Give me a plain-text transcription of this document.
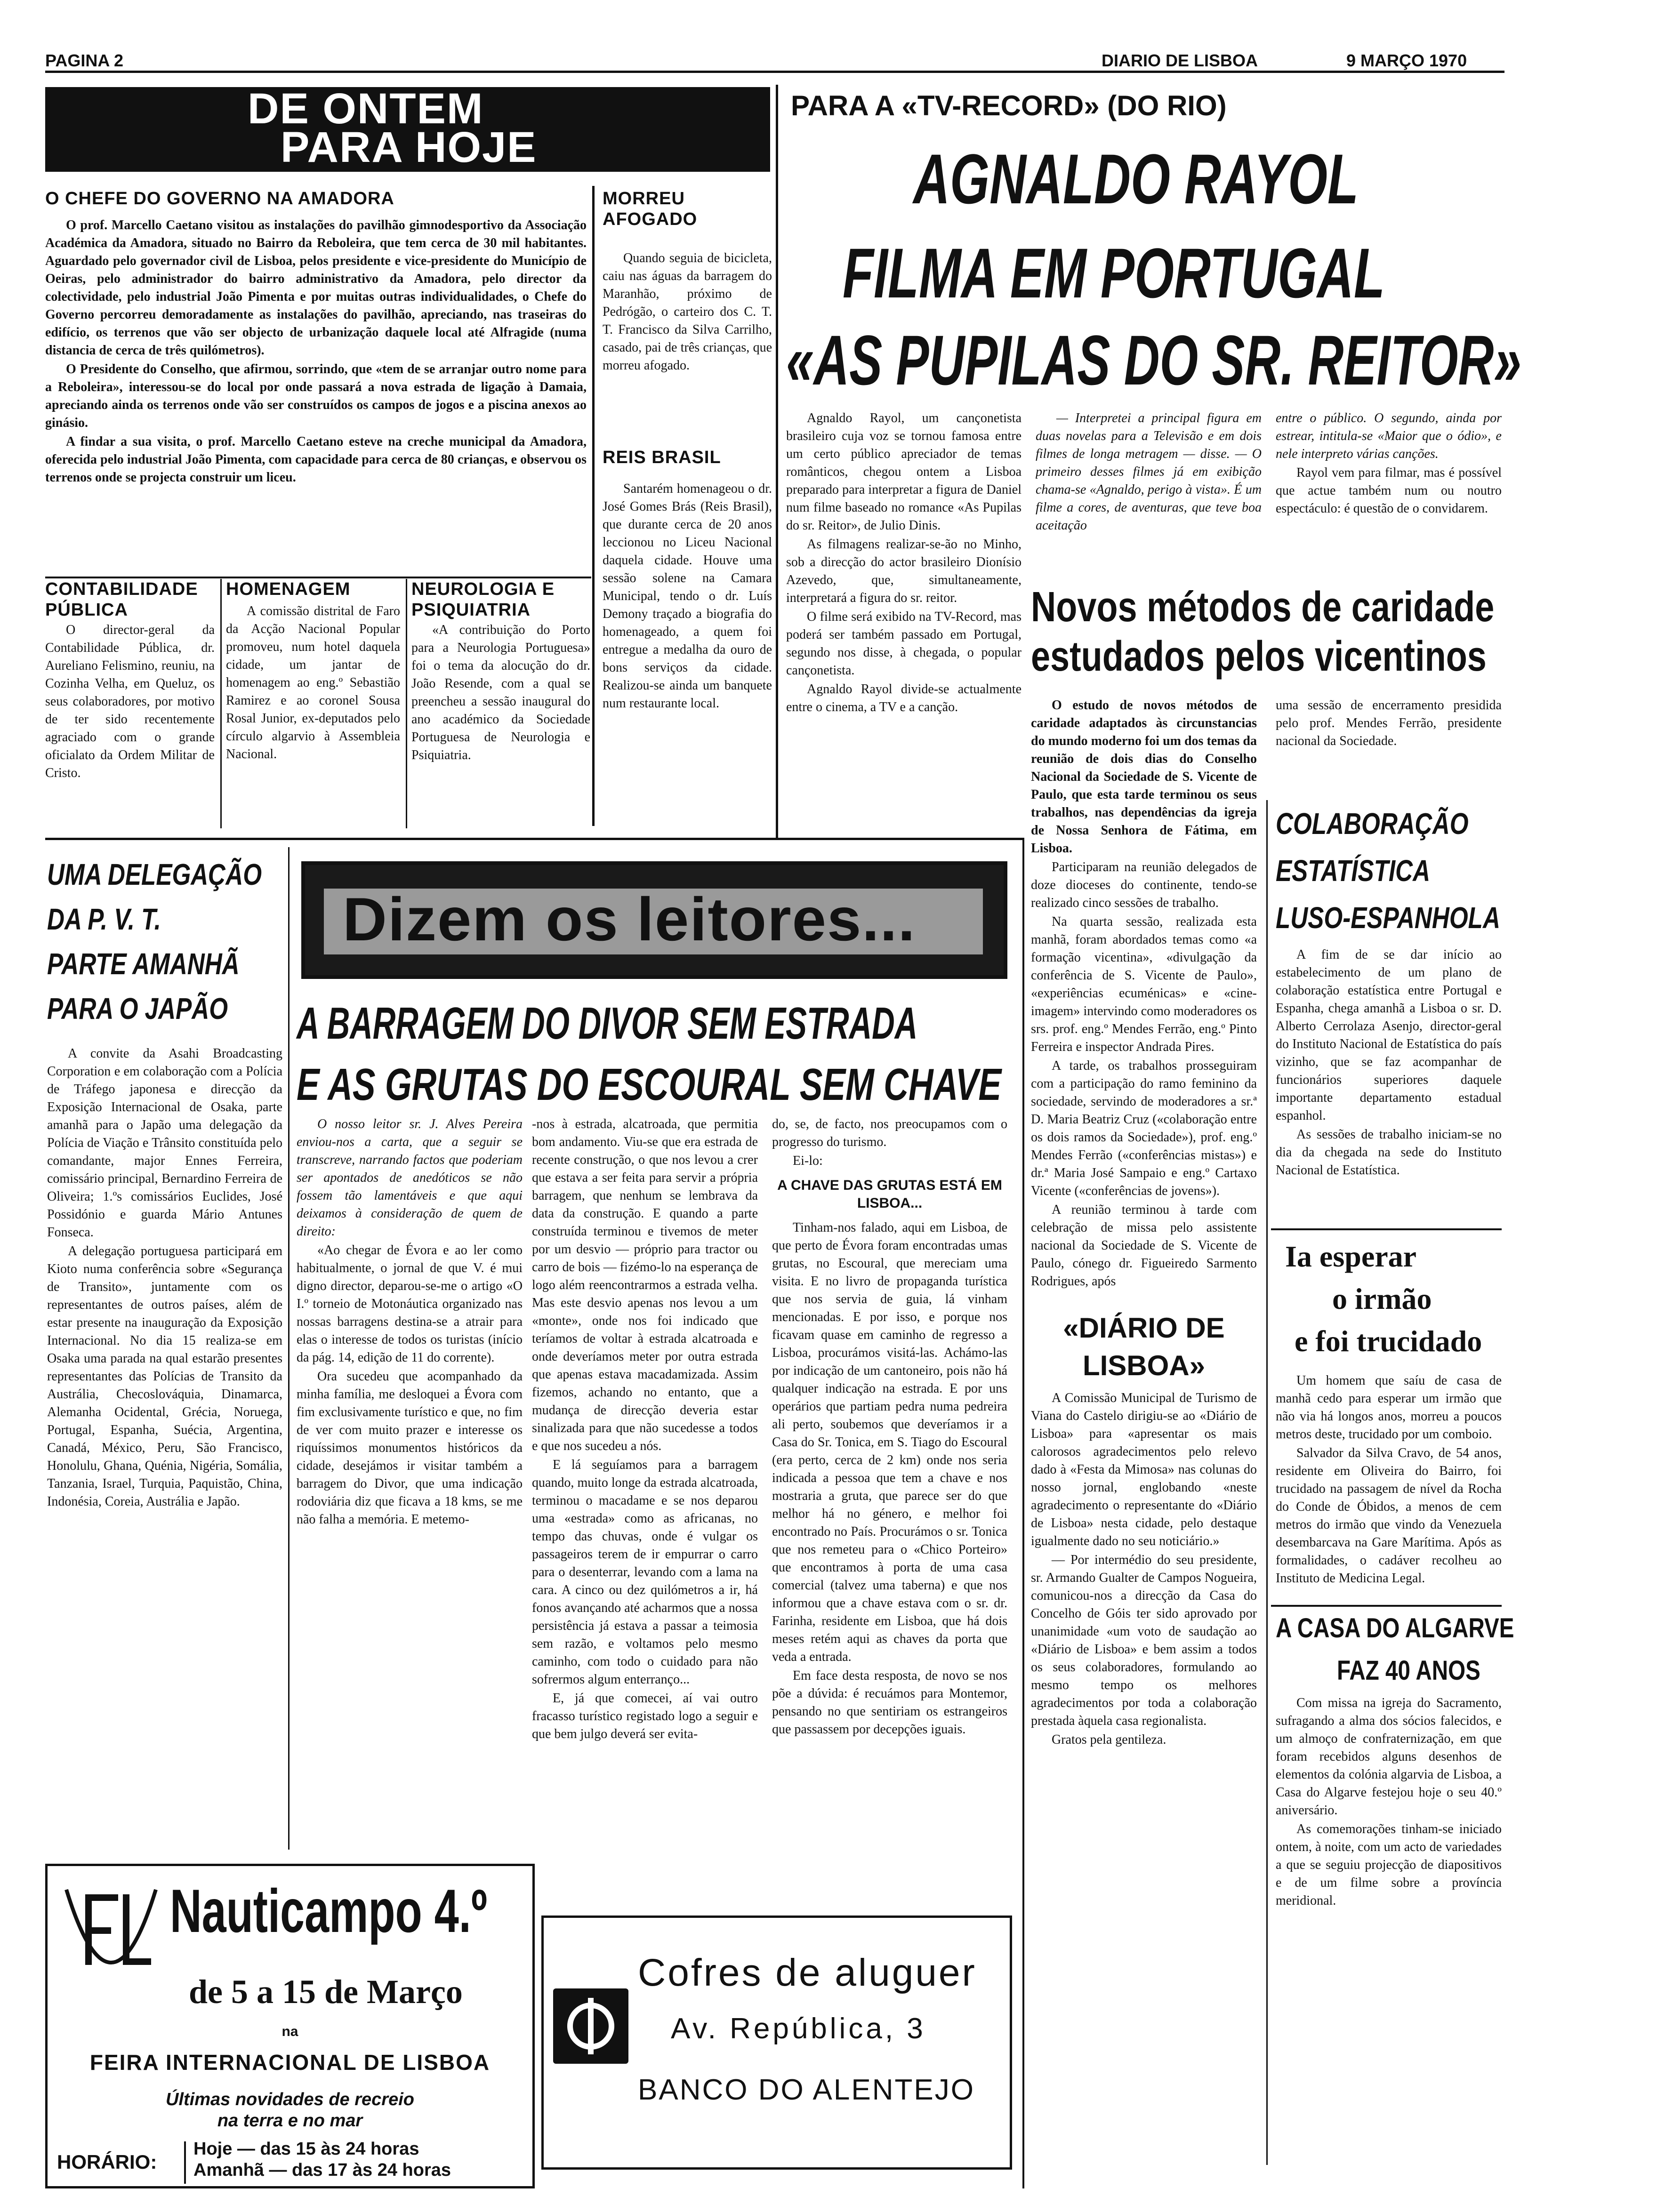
PAGINA 2	DIARIO DE LISBOA	9 MARÇO 1970
DE ONTEM
PARA HOJE
O CHEFE DO GOVERNO NA AMADORA

O prof. Marcello Caetano visitou as instalações do pavilhão gimnodesportivo da Associação Académica da Amadora, situado no Bairro da Reboleira, que tem cerca de 30 mil habitantes. Aguardado pelo governador civil de Lisboa, pelos presidente e vice-presidente do Município de Oeiras, pelo administrador do bairro administrativo da Amadora, pelo director da colectividade, pelo industrial João Pimenta e por muitas outras individualidades, o Chefe do Governo percorreu demoradamente as instalações do pavilhão, apreciando, nas traseiras do edifício, os terrenos que vão ser objecto de urbanização daquele local até Alfragide (numa distancia de cerca de três quilómetros).

O Presidente do Conselho, que afirmou, sorrindo, que «tem de se arranjar outro nome para a Reboleira», interessou-se do local por onde passará a nova estrada de ligação à Damaia, apreciando ainda os terrenos onde vão ser construídos os campos de jogos e a piscina anexos ao ginásio.

A findar a sua visita, o prof. Marcello Caetano esteve na creche municipal da Amadora, oferecida pelo industrial João Pimenta, com capacidade para cerca de 80 crianças, e observou os terrenos onde se projecta construir um liceu.

MORREU AFOGADO

Quando seguia de bicicleta, caiu nas águas da barragem do Maranhão, próximo de Pedrógão, o carteiro dos C. T. T. Francisco da Silva Carrilho, casado, pai de três crianças, que morreu afogado.

REIS BRASIL

Santarém homenageou o dr. José Gomes Brás (Reis Brasil), que durante cerca de 20 anos leccionou no Liceu Nacional daquela cidade. Houve uma sessão solene na Camara Municipal, tendo o dr. Luís Demony traçado a biografia do homenageado, a quem foi entregue a medalha da ouro de bons serviços da cidade. Realizou-se ainda um banquete num restaurante local.

CONTABILIDADE PÚBLICA

O director-geral da Contabilidade Pública, dr. Aureliano Felismino, reuniu, na Cozinha Velha, em Queluz, os seus colaboradores, por motivo de ter sido recentemente agraciado com o grande oficialato da Ordem Militar de Cristo.

HOMENAGEM

A comissão distrital de Faro da Acção Nacional Popular promoveu, num hotel daquela cidade, um jantar de homenagem ao eng.º Sebastião Ramirez e ao coronel Sousa Rosal Junior, ex-deputados pelo círculo algarvio à Assembleia Nacional.

NEUROLOGIA E PSIQUIATRIA

«A contribuição do Porto para a Neurologia Portuguesa» foi o tema da alocução do dr. João Resende, com a qual se preencheu a sessão inaugural do ano académico da Sociedade Portuguesa de Neurologia e Psiquiatria.

PARA A «TV-RECORD» (DO RIO)
AGNALDO RAYOL
FILMA EM PORTUGAL
«AS PUPILAS DO SR. REITOR»

Agnaldo Rayol, um cançonetista brasileiro cuja voz se tornou famosa entre um certo público apreciador de temas românticos, chegou ontem a Lisboa preparado para interpretar a figura de Daniel num filme baseado no romance «As Pupilas do sr. Reitor», de Julio Dinis.

As filmagens realizar-se-ão no Minho, sob a direcção do actor brasileiro Dionísio Azevedo, que, simultaneamente, interpretará a figura do sr. reitor.

O filme será exibido na TV-Record, mas poderá ser também passado em Portugal, segundo nos disse, à chegada, o popular cançonetista.

Agnaldo Rayol divide-se actualmente entre o cinema, a TV e a canção.

— Interpretei a principal figura em duas novelas para a Televisão e em dois filmes de longa metragem — disse. — O primeiro desses filmes já em exibição chama-se «Agnaldo, perigo à vista». É um filme a cores, de aventuras, que teve boa aceitação

entre o público. O segundo, ainda por estrear, intitula-se «Maior que o ódio», e nele interpreto várias canções.

Rayol vem para filmar, mas é possível que actue também num ou noutro espectáculo: é questão de o convidarem.

Novos métodos de caridade
estudados pelos vicentinos

O estudo de novos métodos de caridade adaptados às circunstancias do mundo moderno foi um dos temas da reunião de dois dias do Conselho Nacional da Sociedade de S. Vicente de Paulo, que esta tarde terminou os seus trabalhos, nas dependências da igreja de Nossa Senhora de Fátima, em Lisboa.

Participaram na reunião delegados de doze dioceses do continente, tendo-se realizado cinco sessões de trabalho.

Na quarta sessão, realizada esta manhã, foram abordados temas como «a formação vicentina», «divulgação da conferência de S. Vicente de Paulo», «experiências ecuménicas» e «cine-imagem» intervindo como moderadores os srs. prof. eng.º Mendes Ferrão, eng.º Pinto Ferreira e inspector Andrada Pires.

A tarde, os trabalhos prosseguiram com a participação do ramo feminino da sociedade, servindo de moderadores a sr.ª D. Maria Beatriz Cruz («colaboração entre os dois ramos da Sociedade»), prof. eng.º Mendes Ferrão («conferências mistas») e dr.ª Maria José Sampaio e eng.º Cartaxo Vicente («conferências de jovens»).

A reunião terminou à tarde com celebração de missa pelo assistente nacional da Sociedade de S. Vicente de Paulo, cónego dr. Figueiredo Sarmento Rodrigues, após

«DIÁRIO DE LISBOA»

A Comissão Municipal de Turismo de Viana do Castelo dirigiu-se ao «Diário de Lisboa» para «apresentar os mais calorosos agradecimentos pelo relevo dado à «Festa da Mimosa» nas colunas do nosso jornal, englobando «neste agradecimento o representante do «Diário de Lisboa» nesta cidade, pelo destaque igualmente dado no seu noticiário.»

— Por intermédio do seu presidente, sr. Armando Gualter de Campos Nogueira, comunicou-nos a direcção da Casa do Concelho de Góis ter sido aprovado por unanimidade «um voto de saudação ao «Diário de Lisboa» e bem assim a todos os seus colaboradores, formulando ao mesmo tempo os melhores agradecimentos por toda a colaboração prestada àquela casa regionalista.

Gratos pela gentileza.

uma sessão de encerramento presidida pelo prof. Mendes Ferrão, presidente nacional da Sociedade.

COLABORAÇÃO
ESTATÍSTICA
LUSO-ESPANHOLA

A fim de se dar início ao estabelecimento de um plano de colaboração estatística entre Portugal e Espanha, chega amanhã a Lisboa o sr. D. Alberto Cerrolaza Asenjo, director-geral do Instituto Nacional de Estatística do país vizinho, que se faz acompanhar de funcionários superiores daquele importante departamento estadual espanhol.

As sessões de trabalho iniciam-se no dia da chegada na sede do Instituto Nacional de Estatística.

Ia esperar
o irmão
e foi trucidado

Um homem que saíu de casa de manhã cedo para esperar um irmão que não via há longos anos, morreu a poucos metros deste, trucidado por um comboio.

Salvador da Silva Cravo, de 54 anos, residente em Oliveira do Bairro, foi trucidado na passagem de nível da Rocha do Conde de Óbidos, a menos de cem metros do irmão que vindo da Venezuela desembarcava na Gare Marítima. Após as formalidades, o cadáver recolheu ao Instituto de Medicina Legal.

A CASA DO ALGARVE
FAZ 40 ANOS

Com missa na igreja do Sacramento, sufragando a alma dos sócios falecidos, e um almoço de confraternização, em que foram recebidos alguns desenhos de elementos da colónia algarvia de Lisboa, a Casa do Algarve festejou hoje o seu 40.º aniversário.

As comemorações tinham-se iniciado ontem, à noite, com um acto de variedades a que se seguiu projecção de diapositivos e de um filme sobre a província meridional.

UMA DELEGAÇÃO
DA P. V. T.
PARTE AMANHÃ
PARA O JAPÃO

A convite da Asahi Broadcasting Corporation e em colaboração com a Polícia de Tráfego japonesa e direcção da Exposição Internacional de Osaka, parte amanhã para o Japão uma delegação da Polícia de Viação e Trânsito constituída pelo comandante, major Ennes Ferreira, comissário principal, Bernardino Ferreira de Oliveira; 1.ºs comissários Euclides, José Possidónio e guarda Mário Antunes Fonseca.

A delegação portuguesa participará em Kioto numa conferência sobre «Segurança de Transito», juntamente com os representantes de outros países, além de estar presente na inauguração da Exposição Internacional. No dia 15 realiza-se em Osaka uma parada na qual estarão presentes representantes das Polícias de Transito da Austrália, Checoslováquia, Dinamarca, Alemanha Ocidental, Grécia, Noruega, Portugal, Espanha, Suécia, Argentina, Canadá, México, Peru, São Francisco, Honolulu, Ghana, Quénia, Nigéria, Somália, Tanzania, Israel, Turquia, Paquistão, China, Indonésia, Coreia, Austrália e Japão.

Dizem os leitores...
A BARRAGEM DO DIVOR SEM ESTRADA
E AS GRUTAS DO ESCOURAL SEM CHAVE

O nosso leitor sr. J. Alves Pereira enviou-nos a carta, que a seguir se transcreve, narrando factos que poderiam ser apontados de anedóticos se não fossem tão lamentáveis e que aqui deixamos à consideração de quem de direito:

«Ao chegar de Évora e ao ler como habitualmente, o jornal de que V. é mui digno director, deparou-se-me o artigo «O I.º torneio de Motonáutica organizado nas nossas barragens destina-se a atrair para elas o interesse de todos os turistas (início da pág. 14, edição de 11 do corrente).

Ora sucedeu que acompanhado da minha família, me desloquei a Évora com fim exclusivamente turístico e que, no fim de ver com muito prazer e interesse os riquíssimos monumentos históricos da cidade, desejámos ir visitar também a barragem do Divor, que uma indicação rodoviária diz que ficava a 18 kms, se me não falha a memória. E metemo-

-nos à estrada, alcatroada, que permitia bom andamento. Viu-se que era estrada de recente construção, o que nos levou a crer que estava a ser feita para servir a própria barragem, que nenhum se lembrava da data da construção. E quando a parte construída terminou e tivemos de meter por um desvio — próprio para tractor ou carro de bois — fizémo-lo na esperança de logo além reencontrarmos a estrada velha. Mas este desvio apenas nos levou a um «monte», onde nos foi indicado que teríamos de voltar à estrada alcatroada e onde deveríamos meter por outra estrada que apenas estava macadamizada. Assim fizemos, achando no entanto, que a mudança de direcção deveria estar sinalizada para que não sucedesse a todos e que nos sucedeu a nós.

E lá seguíamos para a barragem quando, muito longe da estrada alcatroada, terminou o macadame e se nos deparou uma «estrada» como as africanas, no tempo das chuvas, onde é vulgar os passageiros terem de ir empurrar o carro para o desenterrar, levando com a lama na cara. A cinco ou dez quilómetros a ir, há fonos avançando até acharmos que a nossa persistência já estava a passar a teimosia sem razão, e voltamos pelo mesmo caminho, com todo o cuidado para não sofrermos algum enterranço...

E, já que comecei, aí vai outro fracasso turístico registado logo a seguir e que bem julgo deverá ser evita-

do, se, de facto, nos preocupamos com o progresso do turismo.

Ei-lo:

A CHAVE DAS GRUTAS ESTÁ EM LISBOA...

Tinham-nos falado, aqui em Lisboa, de que perto de Évora foram encontradas umas grutas, no Escoural, que mereciam uma visita. E no livro de propaganda turística que nos servia de guia, lá vinham mencionadas. E por isso, e porque nos ficavam quase em caminho de regresso a Lisboa, procurámos visitá-las. Achámo-las por indicação de um cantoneiro, pois não há qualquer indicação na estrada. E por uns operários que partiam pedra numa pedreira ali perto, soubemos que deveríamos ir a Casa do Sr. Tonica, em S. Tiago do Escoural (era perto, cerca de 2 km) onde nos seria indicada a pessoa que tem a chave e nos mostraria a gruta, que parece ser do que melhor há no género, e melhor foi encontrado no País. Procurámos o sr. Tonica que nos remeteu para o «Chico Porteiro» que encontramos à porta de uma casa comercial (talvez uma taberna) e que nos informou que a chave estava com o sr. dr. Farinha, residente em Lisboa, que há dois meses retém aqui as chaves da porta que veda a entrada.

Em face desta resposta, de novo se nos põe a dúvida: é recuámos para Montemor, pensando no que sentiriam os estrangeiros que passassem por decepções iguais.

Nauticampo 4.º
de 5 a 15 de Março
na
FEIRA INTERNACIONAL DE LISBOA
Últimas novidades de recreio
na terra e no mar
HORÁRIO:
Hoje — das 15 às 24 horas
Amanhã — das 17 às 24 horas
Cofres de aluguer
Av. República, 3
BANCO DO ALENTEJO
